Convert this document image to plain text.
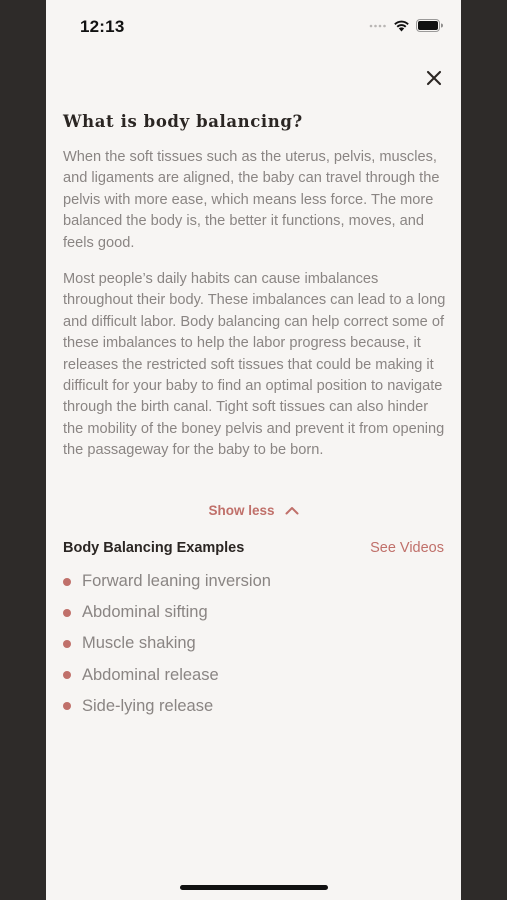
12:13
What is body balancing?

When the soft tissues such as the uterus, pelvis, muscles, and ligaments are aligned, the baby can travel through the pelvis with more ease, which means less force. The more balanced the body is, the better it functions, moves, and feels good.

Most people’s daily habits can cause imbalances throughout their body. These imbalances can lead to a long and difficult labor. Body balancing can help correct some of these imbalances to help the labor progress because, it releases the restricted soft tissues that could be making it difficult for your baby to find an optimal position to navigate through the birth canal. Tight soft tissues can also hinder the mobility of the boney pelvis and prevent it from opening the passageway for the baby to be born.

Show less
Body Balancing Examples	See Videos
Forward leaning inversion
Abdominal sifting
Muscle shaking
Abdominal release
Side-lying release
